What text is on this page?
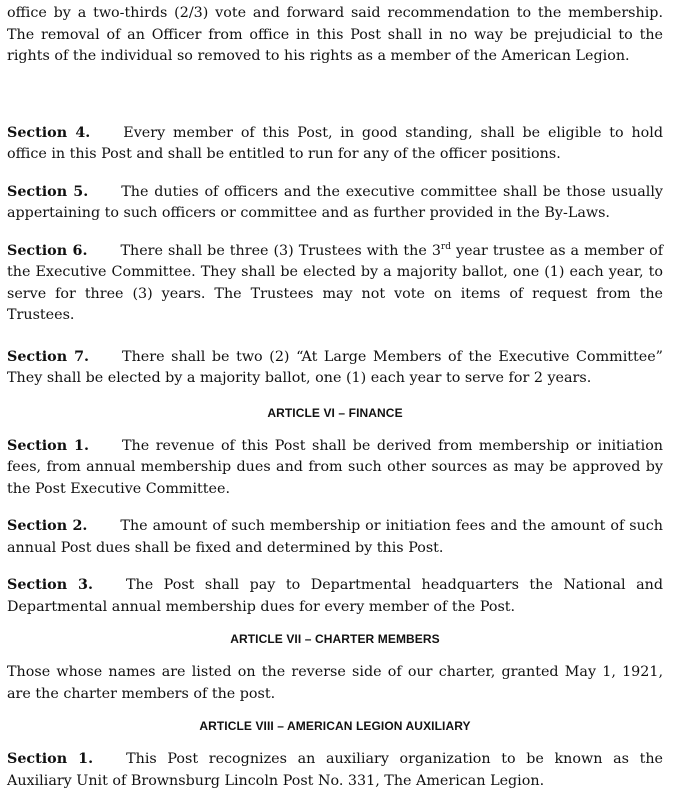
office by a two-thirds (2/3) vote and forward said recommendation to the membership. The removal of an Officer from office in this Post shall in no way be prejudicial to the rights of the individual so removed to his rights as a member of the American Legion.

Section 4. Every member of this Post, in good standing, shall be eligible to hold office in this Post and shall be entitled to run for any of the officer positions.

Section 5. The duties of officers and the executive committee shall be those usually appertaining to such officers or committee and as further provided in the By-Laws.

Section 6. There shall be three (3) Trustees with the 3rd year trustee as a member of the Executive Committee. They shall be elected by a majority ballot, one (1) each year, to serve for three (3) years. The Trustees may not vote on items of request from the Trustees.

Section 7. There shall be two (2) “At Large Members of the Executive Committee” They shall be elected by a majority ballot, one (1) each year to serve for 2 years.

ARTICLE VI – FINANCE

Section 1. The revenue of this Post shall be derived from membership or initiation fees, from annual membership dues and from such other sources as may be approved by the Post Executive Committee.

Section 2. The amount of such membership or initiation fees and the amount of such annual Post dues shall be fixed and determined by this Post.

Section 3. The Post shall pay to Departmental headquarters the National and Departmental annual membership dues for every member of the Post.

ARTICLE VII – CHARTER MEMBERS

Those whose names are listed on the reverse side of our charter, granted May 1, 1921, are the charter members of the post.

ARTICLE VIII – AMERICAN LEGION AUXILIARY

Section 1. This Post recognizes an auxiliary organization to be known as the Auxiliary Unit of Brownsburg Lincoln Post No. 331, The American Legion.
